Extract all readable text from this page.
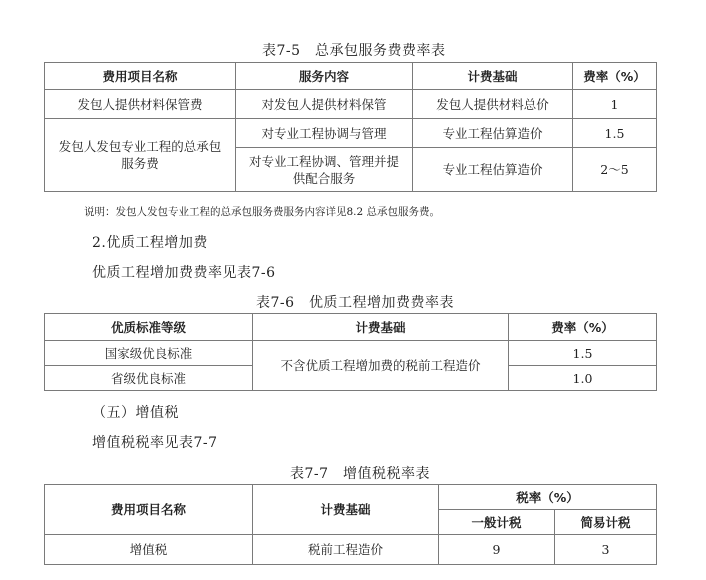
表7-5　总承包服务费费率表
费用项目名称	服务内容	计费基础	费率（%）
发包人提供材料保管费	对发包人提供材料保管	发包人提供材料总价	1
发包人发包专业工程的总承包服务费	对专业工程协调与管理	专业工程估算造价	1.5
	对专业工程协调、管理并提供配合服务	专业工程估算造价	2～5
说明：发包人发包专业工程的总承包服务费服务内容详见8.2 总承包服务费。
2.优质工程增加费
优质工程增加费费率见表7-6
表7-6　优质工程增加费费率表
优质标准等级	计费基础	费率（%）
国家级优良标准	不含优质工程增加费的税前工程造价	1.5
省级优良标准		1.0
（五）增值税
增值税税率见表7-7
表7-7　增值税税率表
费用项目名称	计费基础	税率（%）	
		一般计税	简易计税
增值税	税前工程造价	9	3
